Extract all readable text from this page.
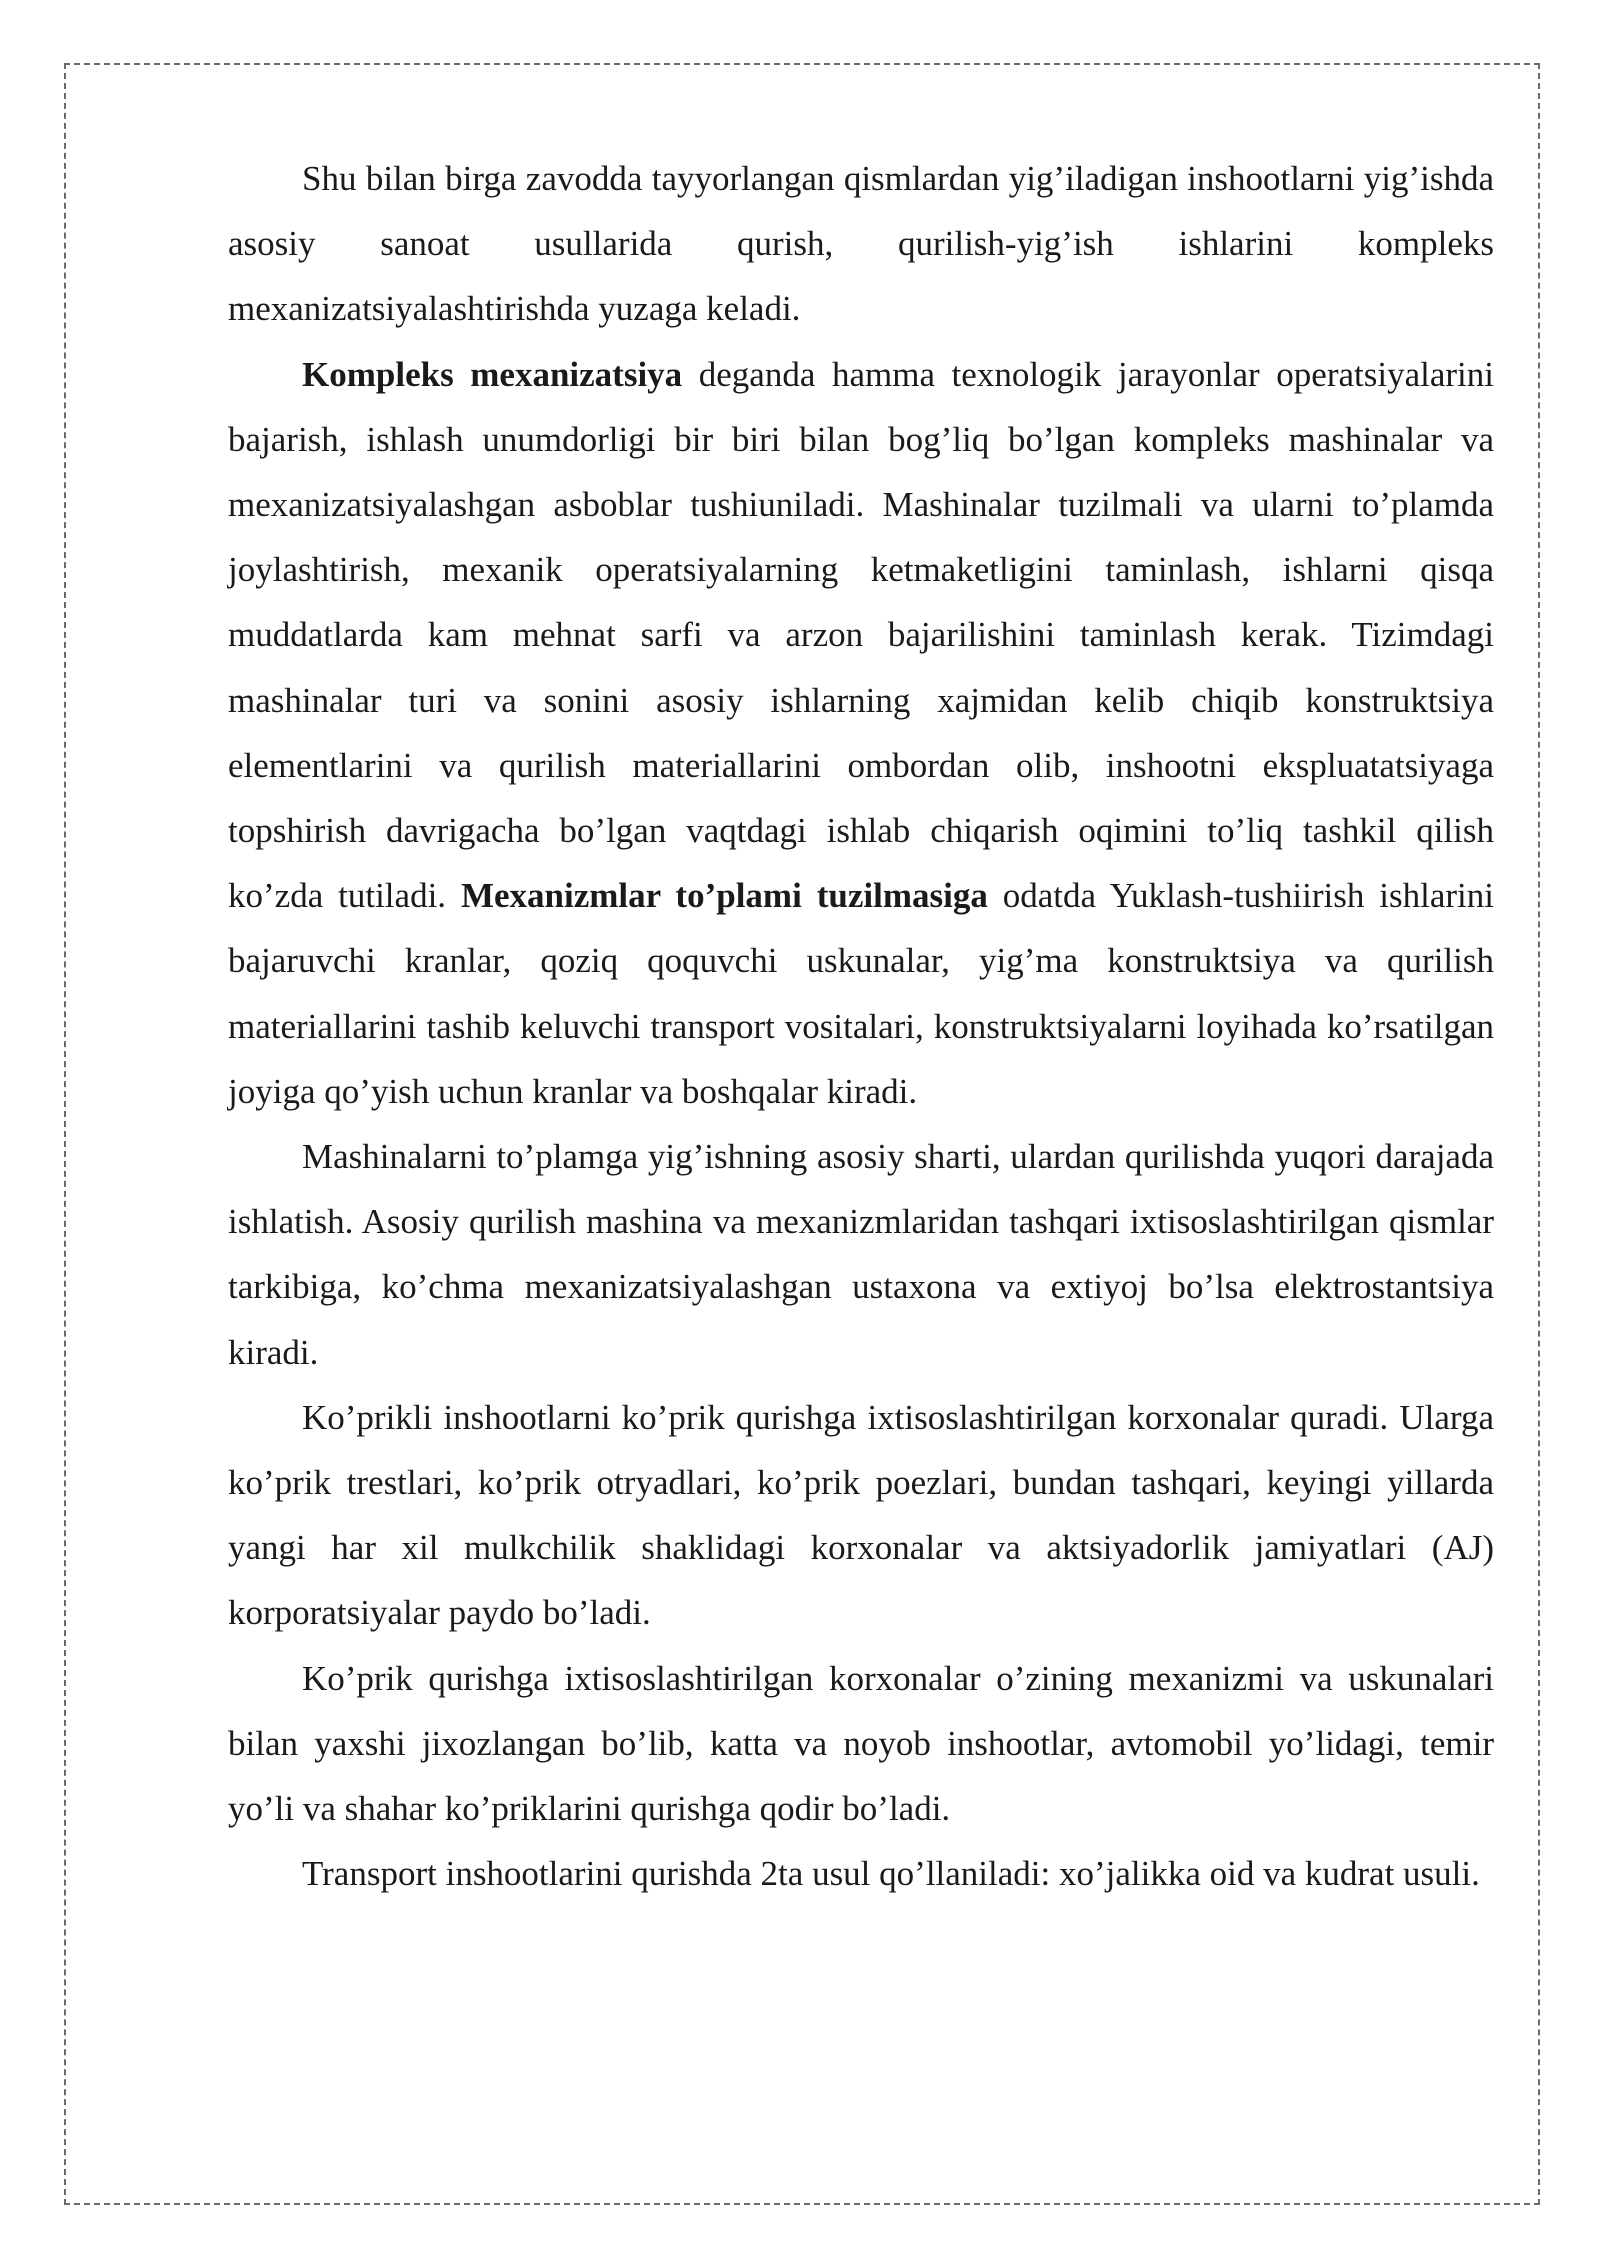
Shu bilan birga zavodda tayyorlangan qismlardan yig’iladigan inshootlarni yig’ishda asosiy sanoat usullarida qurish, qurilish-yig’ish ishlarini kompleks mexanizatsiyalashtirishda yuzaga keladi.

Kompleks mexanizatsiya deganda hamma texnologik jarayonlar operatsiyalarini bajarish, ishlash unumdorligi bir biri bilan bog’liq bo’lgan kompleks mashinalar va mexanizatsiyalashgan asboblar tushiuniladi. Mashinalar tuzilmali va ularni to’plamda joylashtirish, mexanik operatsiyalarning ketmaketligini taminlash, ishlarni qisqa muddatlarda kam mehnat sarfi va arzon bajarilishini taminlash kerak. Tizimdagi mashinalar turi va sonini asosiy ishlarning xajmidan kelib chiqib konstruktsiya elementlarini va qurilish materiallarini ombordan olib, inshootni ekspluatatsiyaga topshirish davrigacha bo’lgan vaqtdagi ishlab chiqarish oqimini to’liq tashkil qilish ko’zda tutiladi. Mexanizmlar to’plami tuzilmasiga odatda Yuklash-tushiirish ishlarini bajaruvchi kranlar, qoziq qoquvchi uskunalar, yig’ma konstruktsiya va qurilish materiallarini tashib keluvchi transport vositalari, konstruktsiyalarni loyihada ko’rsatilgan joyiga qo’yish uchun kranlar va boshqalar kiradi.

Mashinalarni to’plamga yig’ishning asosiy sharti, ulardan qurilishda yuqori darajada ishlatish. Asosiy qurilish mashina va mexanizmlaridan tashqari ixtisoslashtirilgan qismlar tarkibiga, ko’chma mexanizatsiyalashgan ustaxona va extiyoj bo’lsa elektrostantsiya kiradi.

Ko’prikli inshootlarni ko’prik qurishga ixtisoslashtirilgan korxonalar quradi. Ularga ko’prik trestlari, ko’prik otryadlari, ko’prik poezlari, bundan tashqari, keyingi yillarda yangi har xil mulkchilik shaklidagi korxonalar va aktsiyadorlik jamiyatlari (AJ) korporatsiyalar paydo bo’ladi.

Ko’prik qurishga ixtisoslashtirilgan korxonalar o’zining mexanizmi va uskunalari bilan yaxshi jixozlangan bo’lib, katta va noyob inshootlar, avtomobil yo’lidagi, temir yo’li va shahar ko’priklarini qurishga qodir bo’ladi.

Transport inshootlarini qurishda 2ta usul qo’llaniladi: xo’jalikka oid va kudrat usuli.
